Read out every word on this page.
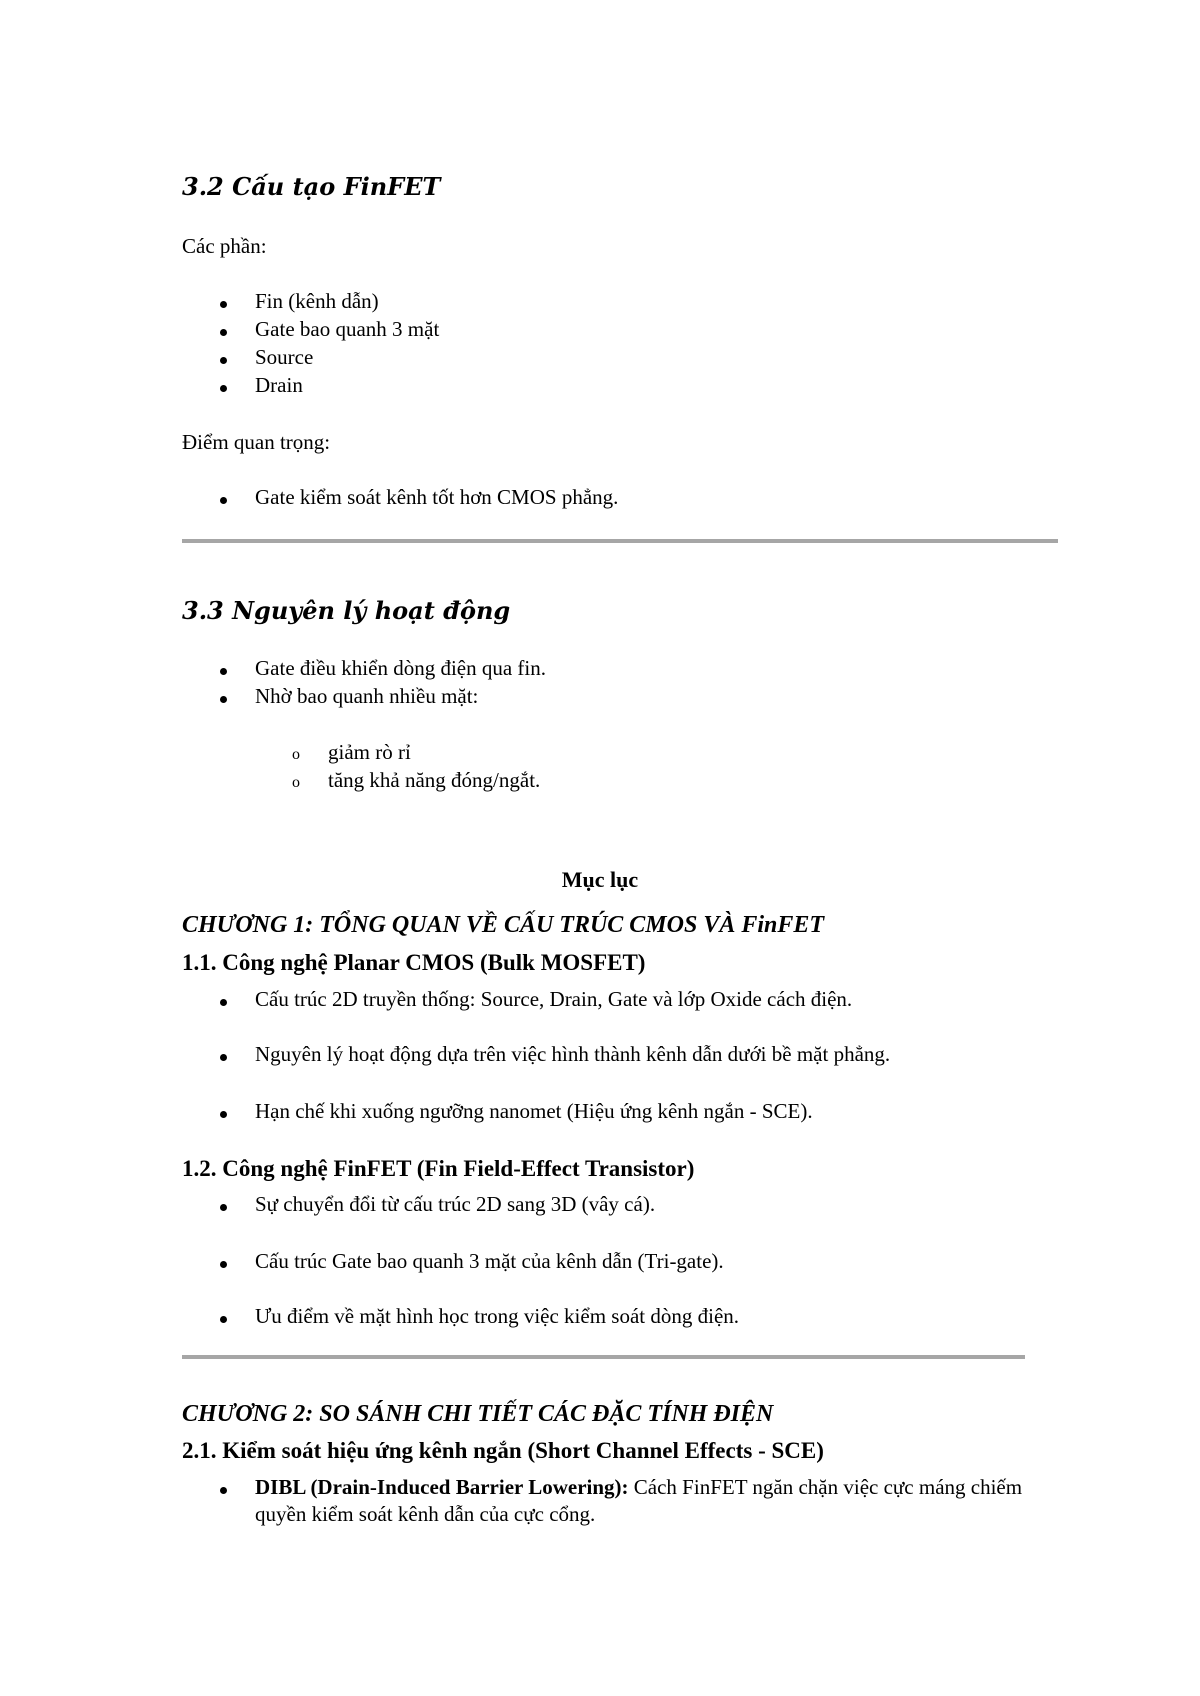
3.2 Cấu tạo FinFET
Các phần:
Fin (kênh dẫn)
Gate bao quanh 3 mặt
Source
Drain
Điểm quan trọng:
Gate kiểm soát kênh tốt hơn CMOS phẳng.
3.3 Nguyên lý hoạt động
Gate điều khiển dòng điện qua fin.
Nhờ bao quanh nhiều mặt:
o giảm rò rỉ
o tăng khả năng đóng/ngắt.
Mục lục
CHƯƠNG 1: TỔNG QUAN VỀ CẤU TRÚC CMOS VÀ FinFET
1.1. Công nghệ Planar CMOS (Bulk MOSFET)
Cấu trúc 2D truyền thống: Source, Drain, Gate và lớp Oxide cách điện.
Nguyên lý hoạt động dựa trên việc hình thành kênh dẫn dưới bề mặt phẳng.
Hạn chế khi xuống ngưỡng nanomet (Hiệu ứng kênh ngắn - SCE).
1.2. Công nghệ FinFET (Fin Field-Effect Transistor)
Sự chuyển đổi từ cấu trúc 2D sang 3D (vây cá).
Cấu trúc Gate bao quanh 3 mặt của kênh dẫn (Tri-gate).
Ưu điểm về mặt hình học trong việc kiểm soát dòng điện.
CHƯƠNG 2: SO SÁNH CHI TIẾT CÁC ĐẶC TÍNH ĐIỆN
2.1. Kiểm soát hiệu ứng kênh ngắn (Short Channel Effects - SCE)
DIBL (Drain-Induced Barrier Lowering): Cách FinFET ngăn chặn việc cực máng chiếm quyền kiểm soát kênh dẫn của cực cổng.
